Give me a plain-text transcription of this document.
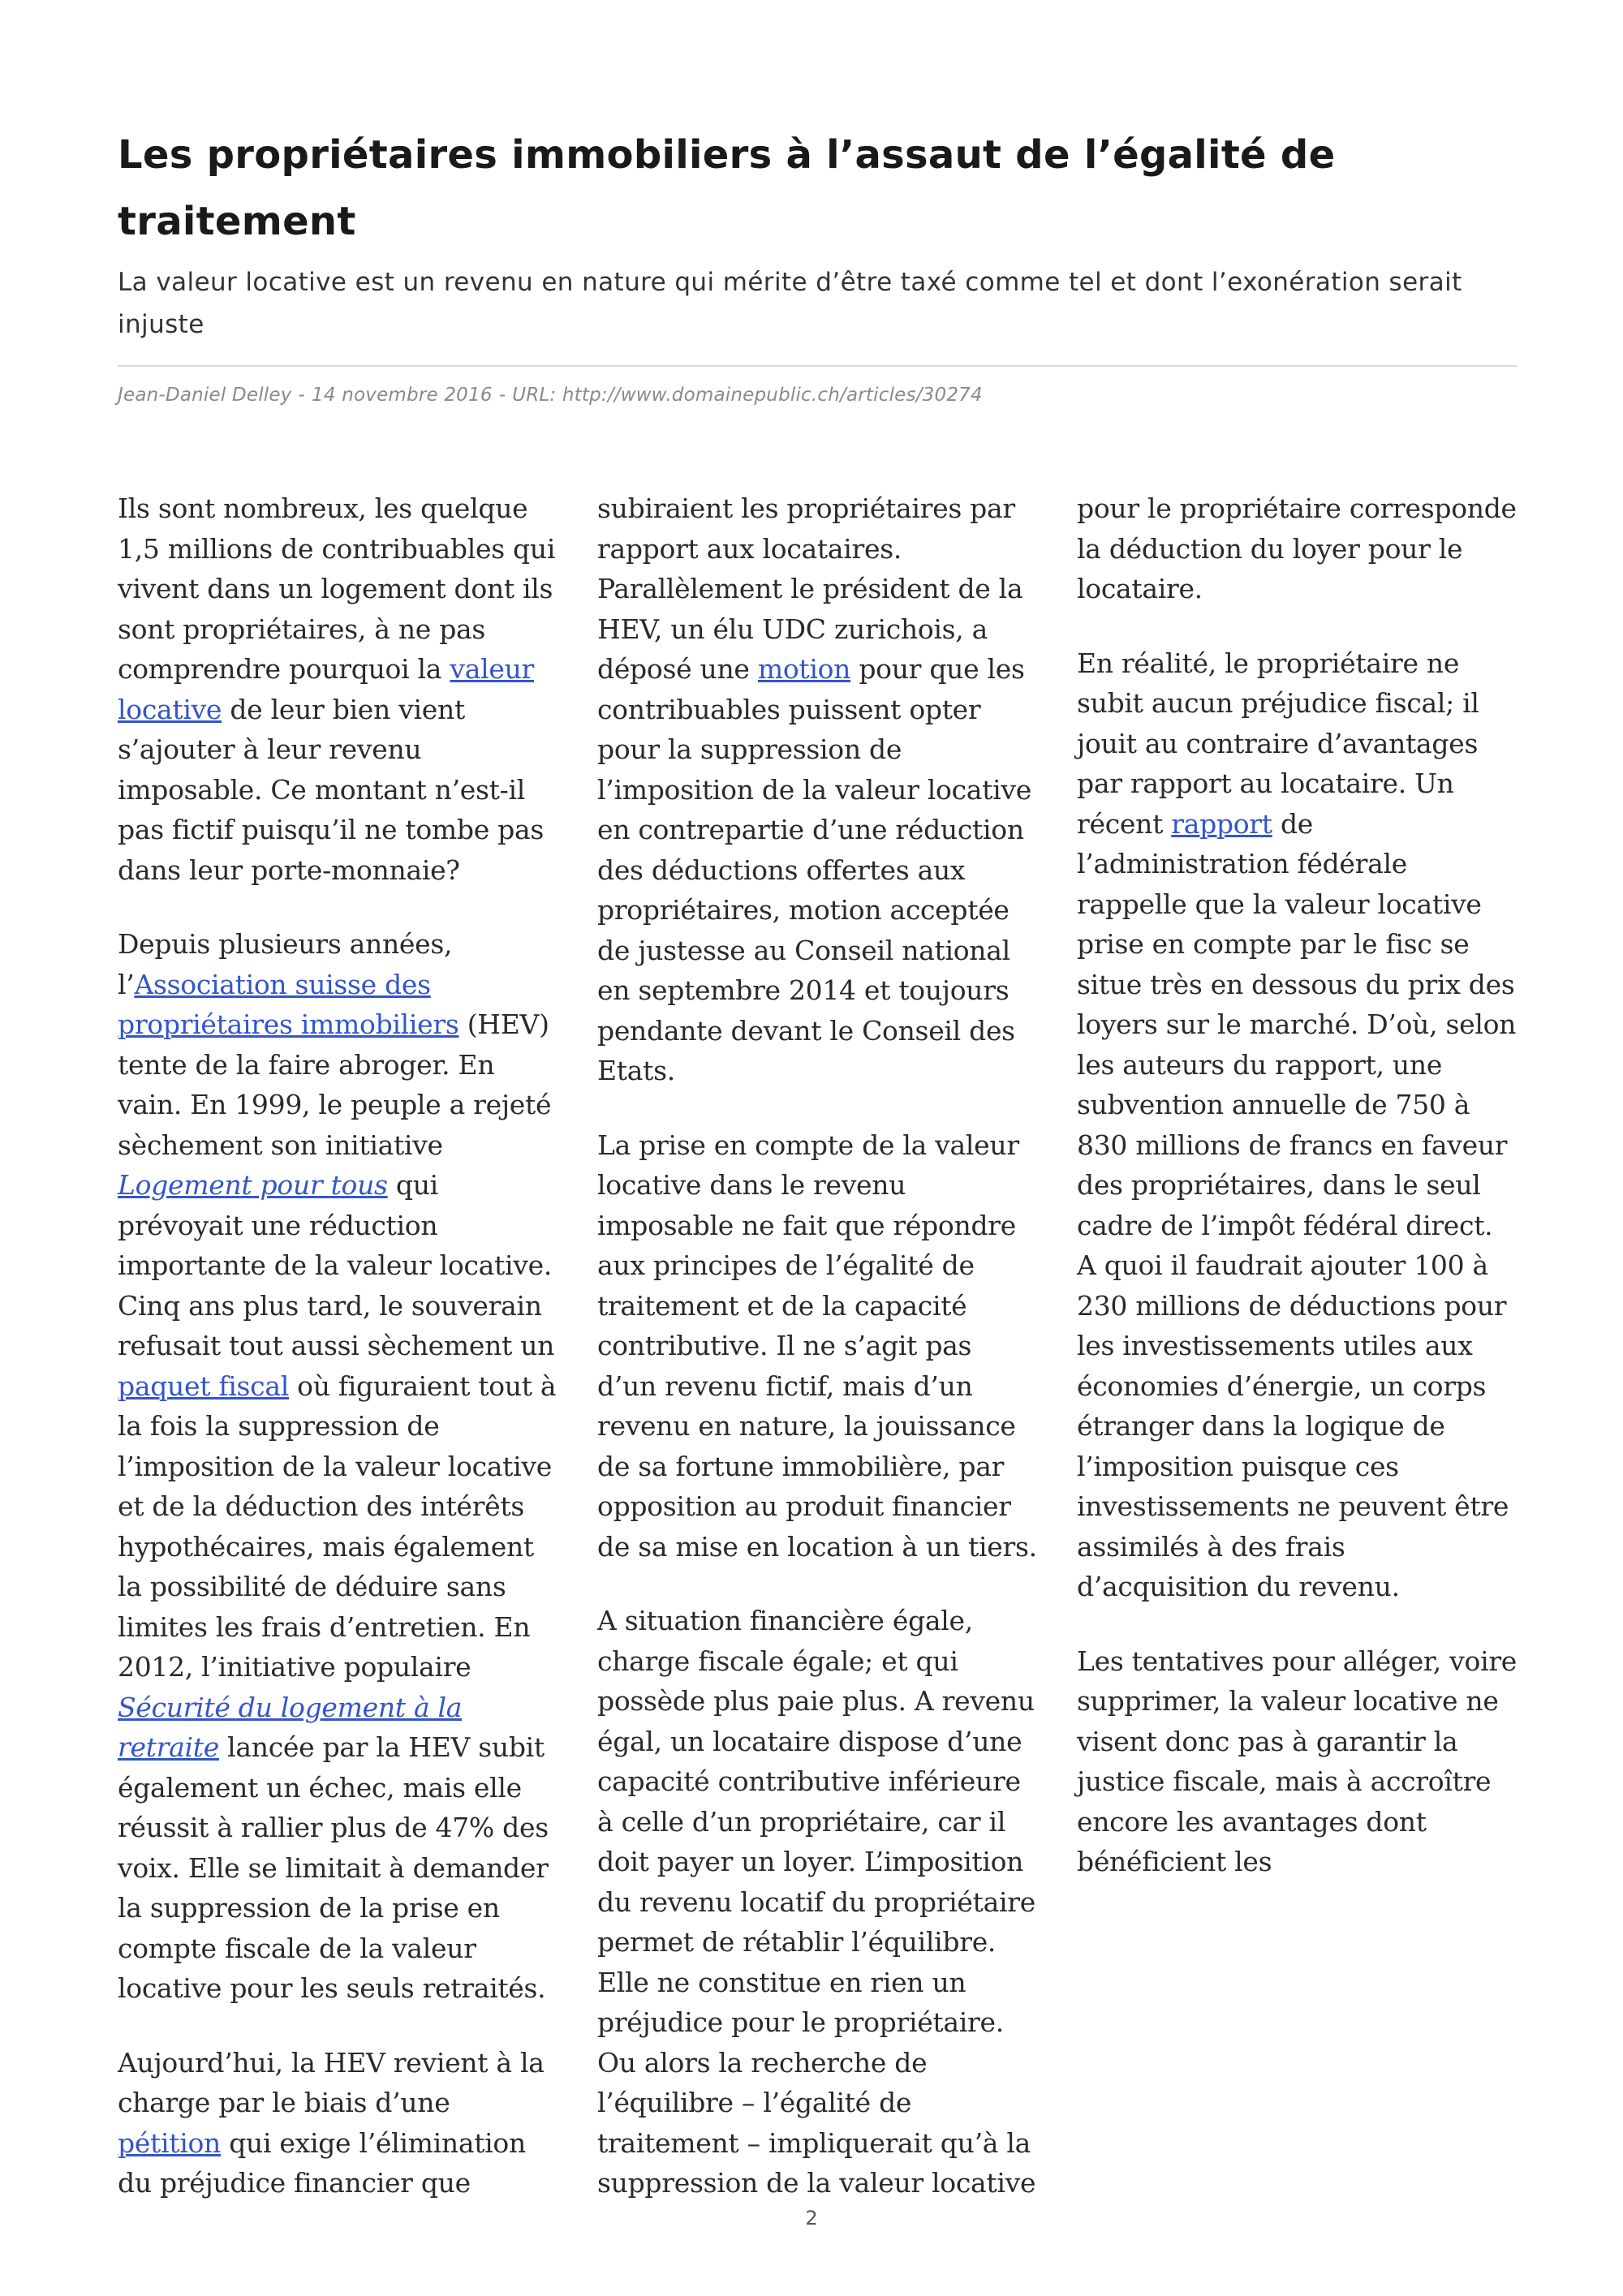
Les propriétaires immobiliers à l’assaut de l’égalité de traitement
La valeur locative est un revenu en nature qui mérite d’être taxé comme tel et dont l’exonération serait injuste
Jean-Daniel Delley - 14 novembre 2016 - URL: http://www.domainepublic.ch/articles/30274

Ils sont nombreux, les quelque 1,5 millions de contribuables qui vivent dans un logement dont ils sont propriétaires, à ne pas comprendre pourquoi la valeur locative de leur bien vient s’ajouter à leur revenu imposable. Ce montant n’est-il pas fictif puisqu’il ne tombe pas dans leur porte-monnaie?

Depuis plusieurs années, l’Association suisse des propriétaires immobiliers (HEV) tente de la faire abroger. En vain. En 1999, le peuple a rejeté sèchement son initiative Logement pour tous qui prévoyait une réduction importante de la valeur locative. Cinq ans plus tard, le souverain refusait tout aussi sèchement un paquet fiscal où figuraient tout à la fois la suppression de l’imposition de la valeur locative et de la déduction des intérêts hypothécaires, mais également la possibilité de déduire sans limites les frais d’entretien. En 2012, l’initiative populaire Sécurité du logement à la retraite lancée par la HEV subit également un échec, mais elle réussit à rallier plus de 47% des voix. Elle se limitait à demander la suppression de la prise en compte fiscale de la valeur locative pour les seuls retraités.

Aujourd’hui, la HEV revient à la charge par le biais d’une pétition qui exige l’élimination du préjudice financier que subiraient les propriétaires par rapport aux locataires. Parallèlement le président de la HEV, un élu UDC zurichois, a déposé une motion pour que les contribuables puissent opter pour la suppression de l’imposition de la valeur locative en contrepartie d’une réduction des déductions offertes aux propriétaires, motion acceptée de justesse au Conseil national en septembre 2014 et toujours pendante devant le Conseil des Etats.

La prise en compte de la valeur locative dans le revenu imposable ne fait que répondre aux principes de l’égalité de traitement et de la capacité contributive. Il ne s’agit pas d’un revenu fictif, mais d’un revenu en nature, la jouissance de sa fortune immobilière, par opposition au produit financier de sa mise en location à un tiers.

A situation financière égale, charge fiscale égale; et qui possède plus paie plus. A revenu égal, un locataire dispose d’une capacité contributive inférieure à celle d’un propriétaire, car il doit payer un loyer. L’imposition du revenu locatif du propriétaire permet de rétablir l’équilibre. Elle ne constitue en rien un préjudice pour le propriétaire. Ou alors la recherche de l’équilibre – l’égalité de traitement – impliquerait qu’à la suppression de la valeur locative pour le propriétaire corresponde la déduction du loyer pour le locataire.

En réalité, le propriétaire ne subit aucun préjudice fiscal; il jouit au contraire d’avantages par rapport au locataire. Un récent rapport de l’administration fédérale rappelle que la valeur locative prise en compte par le fisc se situe très en dessous du prix des loyers sur le marché. D’où, selon les auteurs du rapport, une subvention annuelle de 750 à 830 millions de francs en faveur des propriétaires, dans le seul cadre de l’impôt fédéral direct. A quoi il faudrait ajouter 100 à 230 millions de déductions pour les investissements utiles aux économies d’énergie, un corps étranger dans la logique de l’imposition puisque ces investissements ne peuvent être assimilés à des frais d’acquisition du revenu.

Les tentatives pour alléger, voire supprimer, la valeur locative ne visent donc pas à garantir la justice fiscale, mais à accroître encore les avantages dont bénéficient les

2
